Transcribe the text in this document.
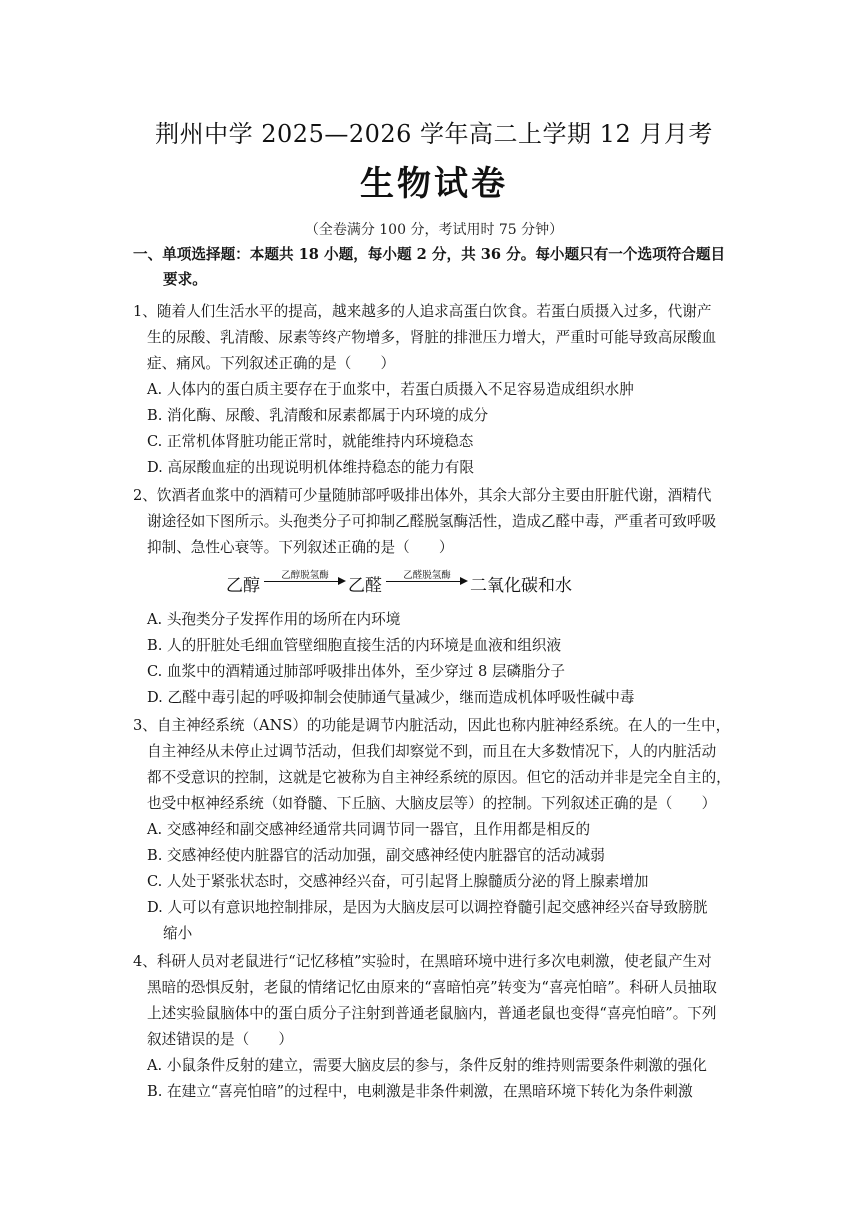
荆州中学 2025—2026 学年高二上学期 12 月月考
生物试卷
（全卷满分 100 分，考试用时 75 分钟）
一、单项选择题：本题共 18 小题，每小题 2 分，共 36 分。每小题只有一个选项符合题目
要求。
1、随着人们生活水平的提高，越来越多的人追求高蛋白饮食。若蛋白质摄入过多，代谢产
生的尿酸、乳清酸、尿素等终产物增多，肾脏的排泄压力增大，严重时可能导致高尿酸血
症、痛风。下列叙述正确的是（　　）
A. 人体内的蛋白质主要存在于血浆中，若蛋白质摄入不足容易造成组织水肿
B. 消化酶、尿酸、乳清酸和尿素都属于内环境的成分
C. 正常机体肾脏功能正常时，就能维持内环境稳态
D. 高尿酸血症的出现说明机体维持稳态的能力有限
2、饮酒者血浆中的酒精可少量随肺部呼吸排出体外，其余大部分主要由肝脏代谢，酒精代
谢途径如下图所示。头孢类分子可抑制乙醛脱氢酶活性，造成乙醛中毒，严重者可致呼吸
抑制、急性心衰等。下列叙述正确的是（　　）
乙醇
乙醇脱氢酶
乙醛
乙醛脱氢酶
二氧化碳和水
A. 头孢类分子发挥作用的场所在内环境
B. 人的肝脏处毛细血管壁细胞直接生活的内环境是血液和组织液
C. 血浆中的酒精通过肺部呼吸排出体外，至少穿过 8 层磷脂分子
D. 乙醛中毒引起的呼吸抑制会使肺通气量减少，继而造成机体呼吸性碱中毒
3、自主神经系统（ANS）的功能是调节内脏活动，因此也称内脏神经系统。在人的一生中，
自主神经从未停止过调节活动，但我们却察觉不到，而且在大多数情况下，人的内脏活动
都不受意识的控制，这就是它被称为自主神经系统的原因。但它的活动并非是完全自主的，
也受中枢神经系统（如脊髓、下丘脑、大脑皮层等）的控制。下列叙述正确的是（　　）
A. 交感神经和副交感神经通常共同调节同一器官，且作用都是相反的
B. 交感神经使内脏器官的活动加强，副交感神经使内脏器官的活动减弱
C. 人处于紧张状态时，交感神经兴奋，可引起肾上腺髓质分泌的肾上腺素增加
D. 人可以有意识地控制排尿，是因为大脑皮层可以调控脊髓引起交感神经兴奋导致膀胱
缩小
4、科研人员对老鼠进行“记忆移植”实验时，在黑暗环境中进行多次电刺激，使老鼠产生对
黑暗的恐惧反射，老鼠的情绪记忆由原来的“喜暗怕亮”转变为“喜亮怕暗”。科研人员抽取
上述实验鼠脑体中的蛋白质分子注射到普通老鼠脑内，普通老鼠也变得“喜亮怕暗”。下列
叙述错误的是（　　）
A. 小鼠条件反射的建立，需要大脑皮层的参与，条件反射的维持则需要条件刺激的强化
B. 在建立“喜亮怕暗”的过程中，电刺激是非条件刺激，在黑暗环境下转化为条件刺激
